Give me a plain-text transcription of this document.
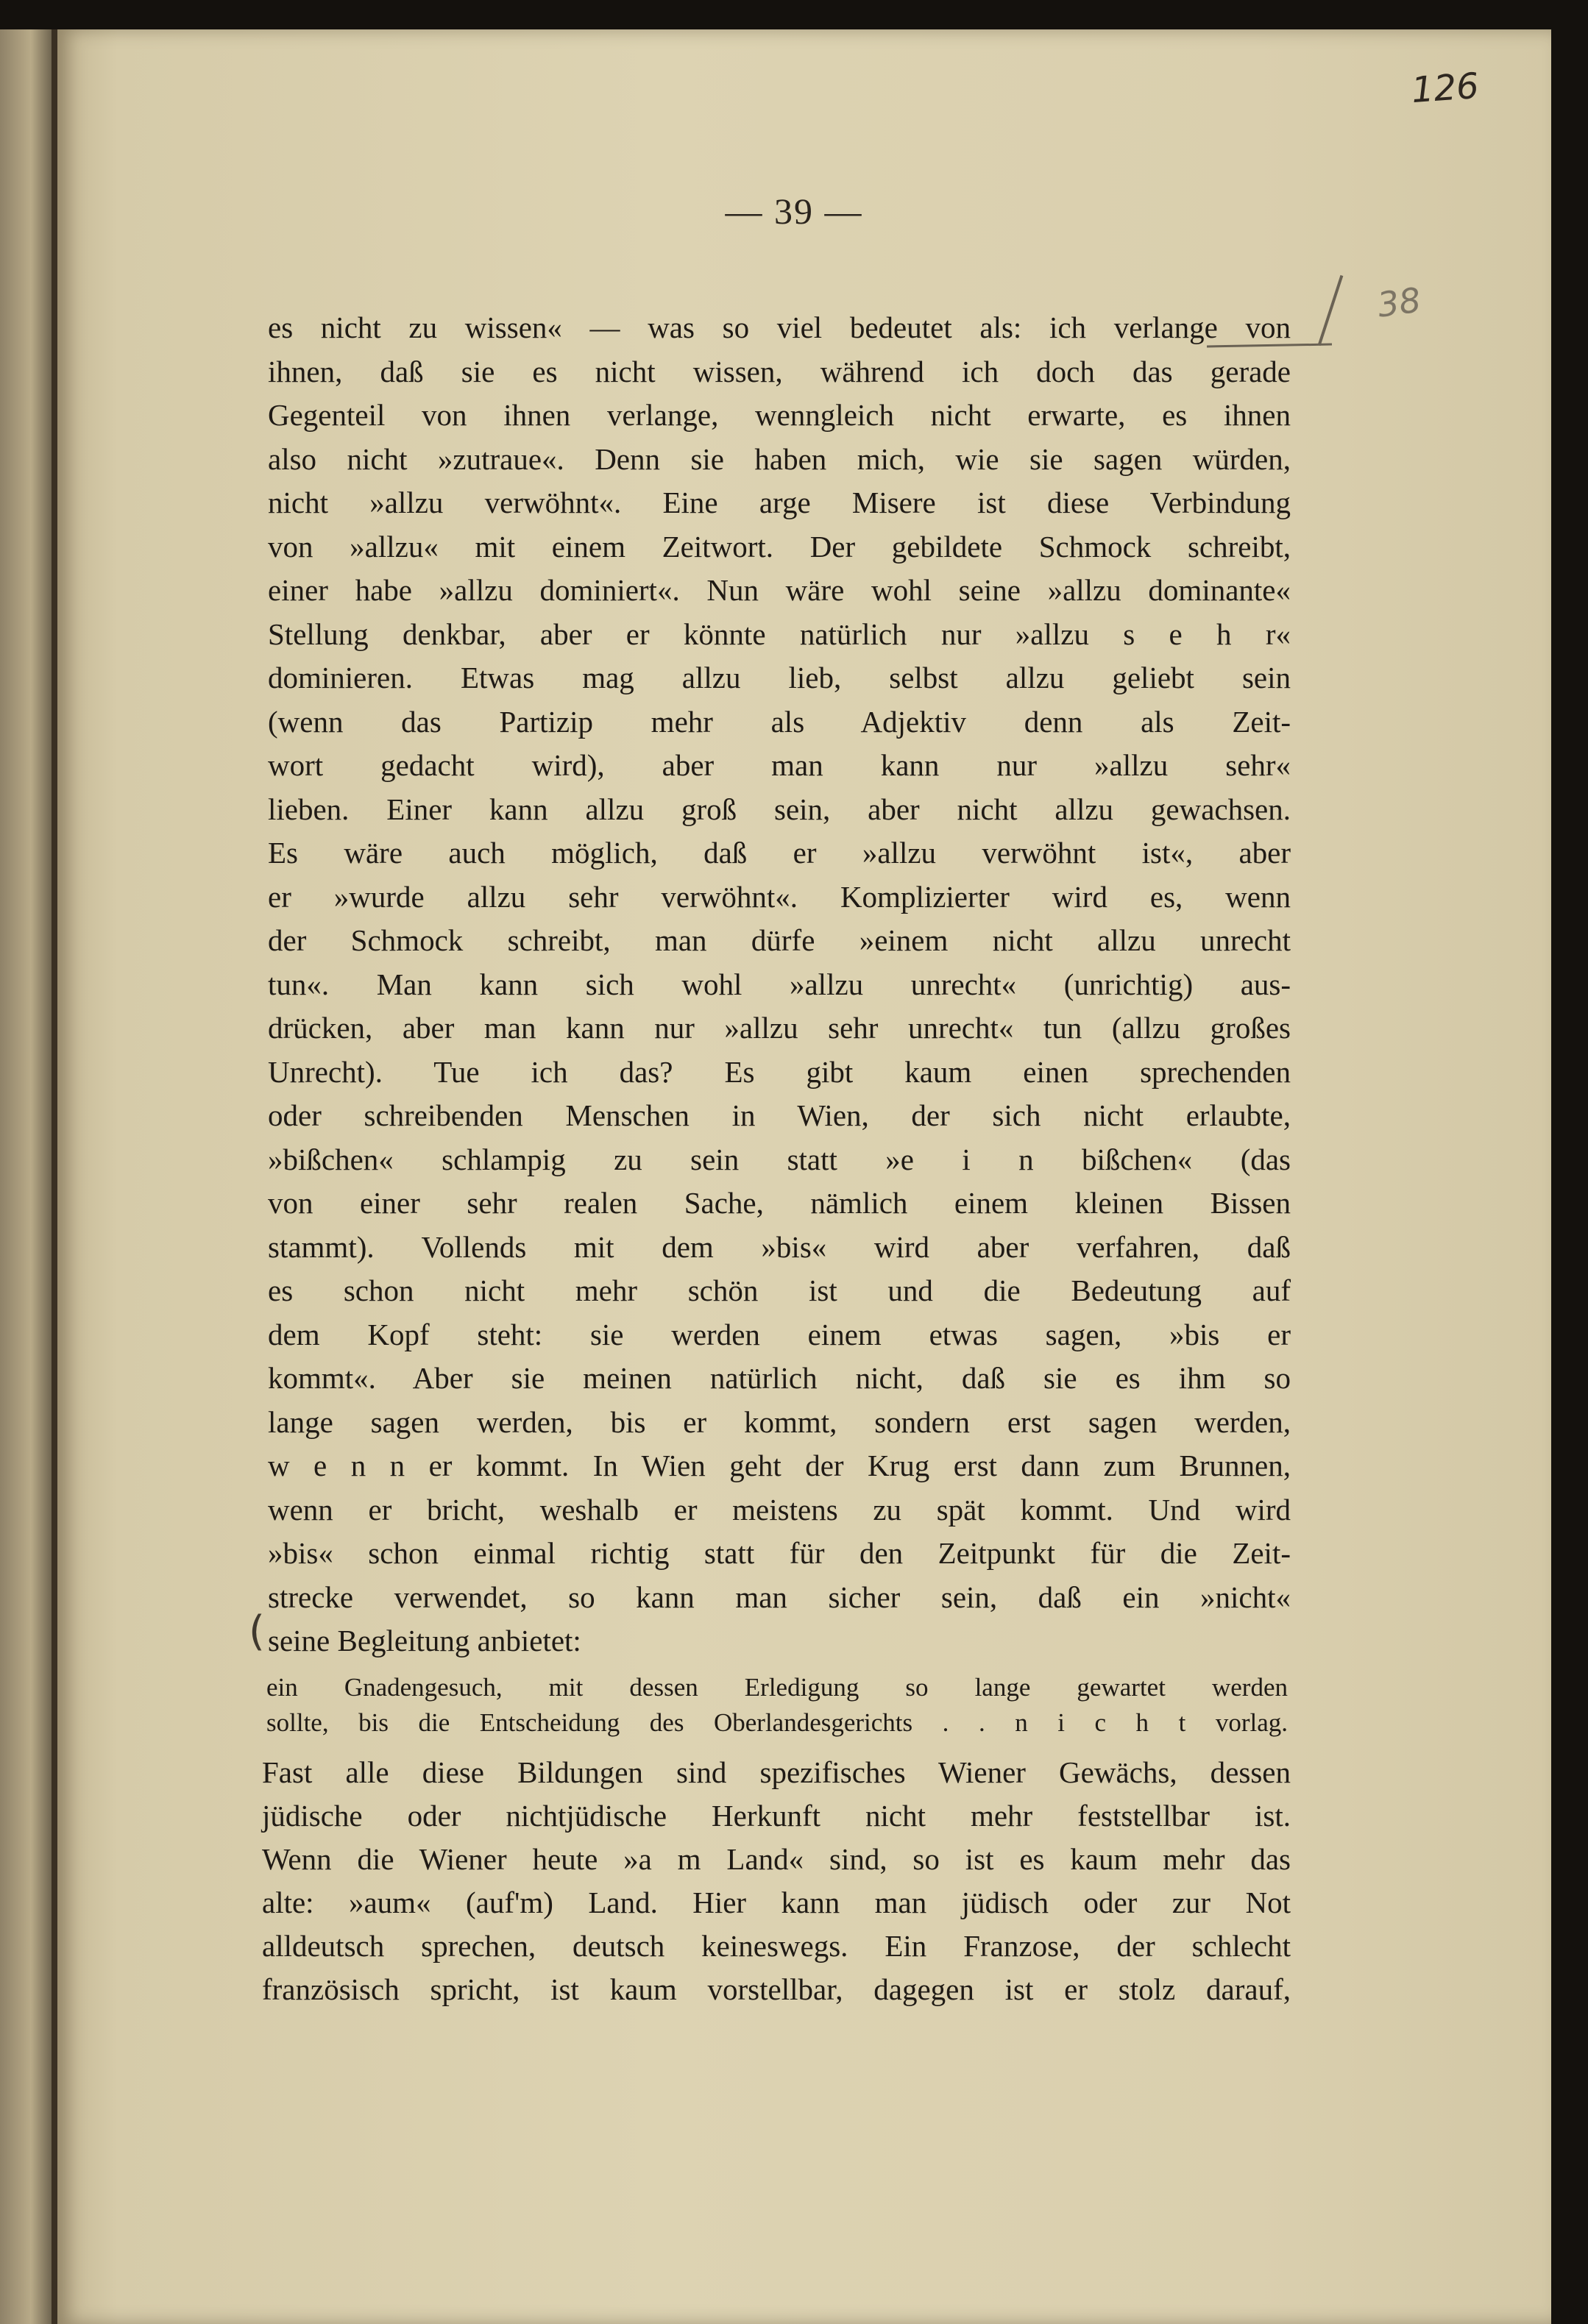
126
38
— 39 —
es nicht zu wissen« — was so viel bedeutet als: ich verlange von
ihnen, daß sie es nicht wissen, während ich doch das gerade
Gegenteil von ihnen verlange, wenngleich nicht erwarte, es ihnen
also nicht »zutraue«. Denn sie haben mich, wie sie sagen würden,
nicht »allzu verwöhnt«. Eine arge Misere ist diese Verbindung
von »allzu« mit einem Zeitwort. Der gebildete Schmock schreibt,
einer habe »allzu dominiert«. Nun wäre wohl seine »allzu dominante«
Stellung denkbar, aber er könnte natürlich nur »allzu s e h r«
dominieren. Etwas mag allzu lieb, selbst allzu geliebt sein
(wenn das Partizip mehr als Adjektiv denn als Zeit-
wort gedacht wird), aber man kann nur »allzu sehr«
lieben. Einer kann allzu groß sein, aber nicht allzu gewachsen.
Es wäre auch möglich, daß er »allzu verwöhnt ist«, aber
er »wurde allzu sehr verwöhnt«. Komplizierter wird es, wenn
der Schmock schreibt, man dürfe »einem nicht allzu unrecht
tun«. Man kann sich wohl »allzu unrecht« (unrichtig) aus-
drücken, aber man kann nur »allzu sehr unrecht« tun (allzu großes
Unrecht). Tue ich das? Es gibt kaum einen sprechenden
oder schreibenden Menschen in Wien, der sich nicht erlaubte,
»bißchen« schlampig zu sein statt »e i n bißchen« (das
von einer sehr realen Sache, nämlich einem kleinen Bissen
stammt). Vollends mit dem »bis« wird aber verfahren, daß
es schon nicht mehr schön ist und die Bedeutung auf
dem Kopf steht: sie werden einem etwas sagen, »bis er
kommt«. Aber sie meinen natürlich nicht, daß sie es ihm so
lange sagen werden, bis er kommt, sondern erst sagen werden,
w e n n er kommt. In Wien geht der Krug erst dann zum Brunnen,
wenn er bricht, weshalb er meistens zu spät kommt. Und wird
»bis« schon einmal richtig statt für den Zeitpunkt für die Zeit-
strecke verwendet, so kann man sicher sein, daß ein »nicht«
seine Begleitung anbietet:
(
ein Gnadengesuch, mit dessen Erledigung so lange gewartet werden
sollte, bis die Entscheidung des Oberlandesgerichts . . n i c h t vorlag.
Fast alle diese Bildungen sind spezifisches Wiener Gewächs, dessen
jüdische oder nichtjüdische Herkunft nicht mehr feststellbar ist.
Wenn die Wiener heute »a m Land« sind, so ist es kaum mehr das
alte: »aum« (auf'm) Land. Hier kann man jüdisch oder zur Not
alldeutsch sprechen, deutsch keineswegs. Ein Franzose, der schlecht
französisch spricht, ist kaum vorstellbar, dagegen ist er stolz darauf,
